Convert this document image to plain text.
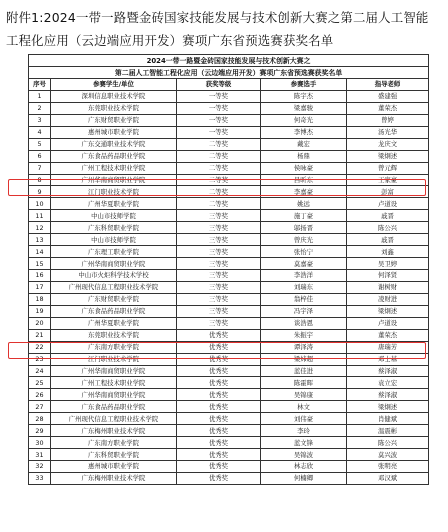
附件1:2024一带一路暨金砖国家技能发展与技术创新大赛之第二届人工智能工程化应用（云边端应用开发）赛项广东省预选赛获奖名单
2024一带一路暨金砖国家技能发展与技术创新大赛之				
第二届人工智能工程化应用（云边端应用开发）赛项广东省预选赛获奖名单				
序号	参赛学生/单位	获奖等级	参赛选手	指导老师
1	深圳信息职业技术学院	一等奖	陈宇杰	盛建强
2	东莞职业技术学院	一等奖	梁嘉骏	董荣杰
3	广东财贸职业学院	一等奖	何奇光	曾婷
4	惠州城市职业学院	一等奖	李博杰	汤光华
5	广东交通职业技术学院	二等奖	戴宏	龙庆文
6	广东食品药品职业学院	二等奖	杨鼎	梁炯述
7	广州工程技术职业学院	二等奖	侯咏豪	曾元辉
8	广州华南商贸职业学院	二等奖	吕昕东	王家豪
9	江门职业技术学院	二等奖	李嘉豪	彭富
10	广州华夏职业学院	二等奖	姚远	卢道设
11	中山市技师学院	三等奖	施丁豪	戚晋
12	广东科贸职业学院	三等奖	邬扬晋	陈公兴
13	中山市技师学院	三等奖	曾庆光	戚晋
14	广东理工职业学院	三等奖	张怡宁	刘鑫
15	广州华南商贸职业学院	三等奖	莫嘉豪	吴卫婷
16	中山市火炬科学技术学校	三等奖	李浩洋	何泽贤
17	广州现代信息工程职业技术学院	三等奖	刘瑞东	谢树财
18	广东财贸职业学院	三等奖	翁梓佳	凌财进
19	广东食品药品职业学院	三等奖	冯宇泽	梁炯述
20	广州华夏职业学院	三等奖	谈浩恩	卢道设
21	东莞职业技术学院	优秀奖	朱振宇	董荣杰
22	广东南方职业学院	优秀奖	谭泽涛	唐瑞芳
23	江门职业技术学院	优秀奖	梁炜超	邓士基
24	广州华南商贸职业学院	优秀奖	蓝佳进	蔡泽淑
25	广州工程技术职业学院	优秀奖	陈霍晖	袁立宏
26	广州华南商贸职业学院	优秀奖	吴锦康	蔡泽淑
27	广东食品药品职业学院	优秀奖	林文	梁炯述
28	广州现代信息工程职业技术学院	优秀奖	刘伟豪	肖健斌
29	广东梅州职业技术学院	优秀奖	李玲	温震彬
30	广东南方职业学院	优秀奖	蓝文锋	陈公兴
31	广东科贸职业学院	优秀奖	吴锦波	莫兴波
32	惠州城市职业学院	优秀奖	林志欣	张明亮
33	广东梅州职业技术学院	优秀奖	何楠卿	邓汉斌
